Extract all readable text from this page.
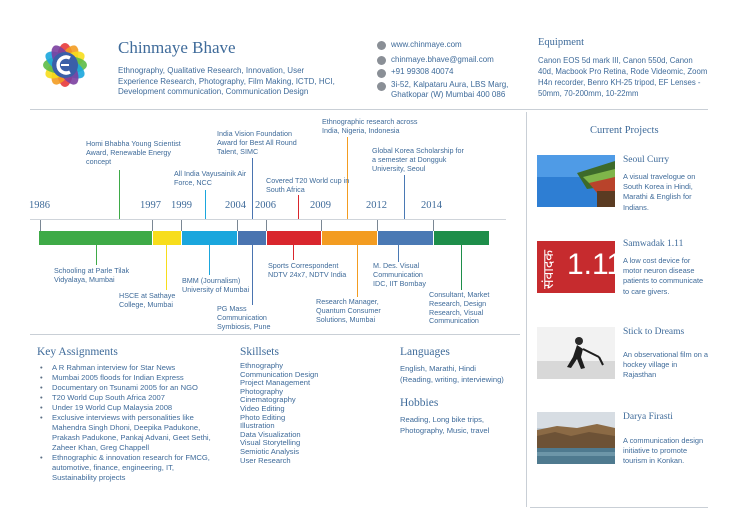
Chinmaye Bhave
Ethnography, Qualitative Research, Innovation, User Experience Research, Photography, Film Making, ICTD, HCI, Development communication, Communication Design
www.chinmaye.com
chinmaye.bhave@gmail.com
+91 99308 40074
3i-52, Kalpataru Aura, LBS Marg,
Ghatkopar (W) Mumbai 400 086
Equipment
Canon EOS 5d mark III, Canon 550d, Canon 40d, Macbook Pro Retina, Rode Videomic, Zoom H4n recorder, Benro KH-25 tripod, EF Lenses - 50mm, 70-200mm, 10-22mm
1986	1997 1999	2004 2006	2009	2012	2014
Homi Bhabha Young Scientist Award, Renewable Energy concept
All India Vayusainik Air Force, NCC
India Vision Foundation Award for Best All Round Talent, SIMC
Covered T20 World cup in South Africa
Ethnographic research across India, Nigeria, Indonesia
Global Korea Scholarship for a semester at Dongguk University, Seoul
Schooling at Parle Tilak Vidyalaya, Mumbai
HSCE at Sathaye College, Mumbai
BMM (Journalism) University of Mumbai
PG Mass Communication Symbiosis, Pune
Sports Correspondent NDTV 24x7, NDTV India
Research Manager, Quantum Consumer Solutions, Mumbai
M. Des. Visual Communication IDC, IIT Bombay
Consultant, Market Research, Design Research, Visual Communication
Key Assignments
• A R Rahman interview for Star News
• Mumbai 2005 floods for Indian Express
• Documentary on Tsunami 2005 for an NGO
• T20 World Cup South Africa 2007
• Under 19 World Cup Malaysia 2008
• Exclusive interviews with personalities like Mahendra Singh Dhoni, Deepika Padukone, Prakash Padukone, Pankaj Advani, Geet Sethi, Zaheer Khan, Greg Chappell
• Ethnographic & innovation research for FMCG, automotive, finance, engineering, IT, Sustainability projects
Skillsets
Ethnography
Communication Design
Project Management
Photography
Cinematography
Video Editing
Photo Editing
Illustration
Data Visualization
Visual Storytelling
Semiotic Analysis
User Research
Languages
English, Marathi, Hindi
(Reading, writing, interviewing)
Hobbies
Reading, Long bike trips,
Photography, Music, travel
Current Projects
Seoul Curry
A visual travelogue on South Korea in Hindi, Marathi & English for Indians.
संवादक 1.11
Samwadak 1.11
A low cost device for motor neuron disease patients to communicate to care givers.
Stick to Dreams
An observational film on a hockey village in Rajasthan
Darya Firasti
A communication design initiative to promote tourism in Konkan.
